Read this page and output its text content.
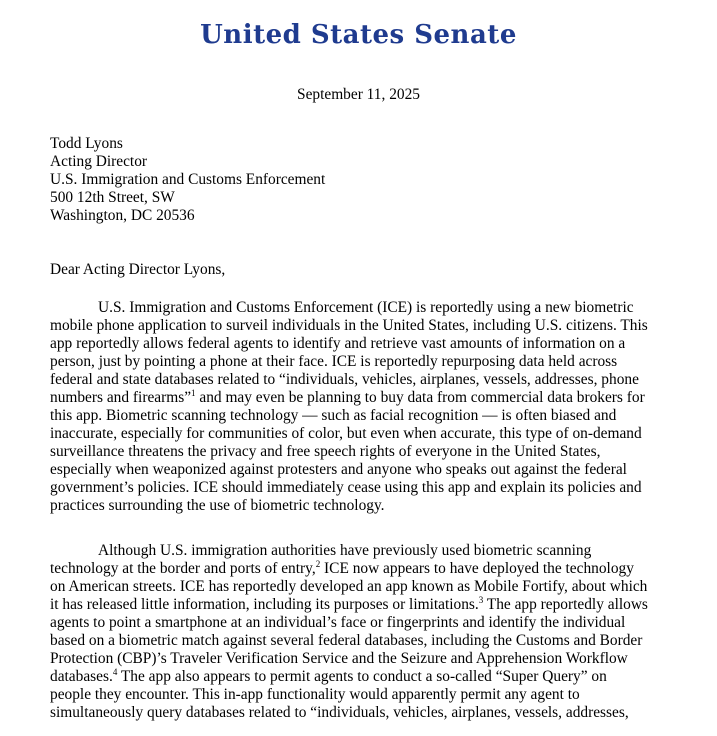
United States Senate
September 11, 2025
Todd Lyons
Acting Director
U.S. Immigration and Customs Enforcement
500 12th Street, SW
Washington, DC 20536
Dear Acting Director Lyons,
U.S. Immigration and Customs Enforcement (ICE) is reportedly using a new biometric
mobile phone application to surveil individuals in the United States, including U.S. citizens. This
app reportedly allows federal agents to identify and retrieve vast amounts of information on a
person, just by pointing a phone at their face. ICE is reportedly repurposing data held across
federal and state databases related to “individuals, vehicles, airplanes, vessels, addresses, phone
numbers and firearms”$^1$ and may even be planning to buy data from commercial data brokers for
this app. Biometric scanning technology — such as facial recognition — is often biased and
inaccurate, especially for communities of color, but even when accurate, this type of on-demand
surveillance threatens the privacy and free speech rights of everyone in the United States,
especially when weaponized against protesters and anyone who speaks out against the federal
government’s policies. ICE should immediately cease using this app and explain its policies and
practices surrounding the use of biometric technology.
Although U.S. immigration authorities have previously used biometric scanning
technology at the border and ports of entry,$^2$ ICE now appears to have deployed the technology
on American streets. ICE has reportedly developed an app known as Mobile Fortify, about which
it has released little information, including its purposes or limitations.$^3$ The app reportedly allows
agents to point a smartphone at an individual’s face or fingerprints and identify the individual
based on a biometric match against several federal databases, including the Customs and Border
Protection (CBP)’s Traveler Verification Service and the Seizure and Apprehension Workflow
databases.$^4$ The app also appears to permit agents to conduct a so-called “Super Query” on
people they encounter. This in-app functionality would apparently permit any agent to
simultaneously query databases related to “individuals, vehicles, airplanes, vessels, addresses,
